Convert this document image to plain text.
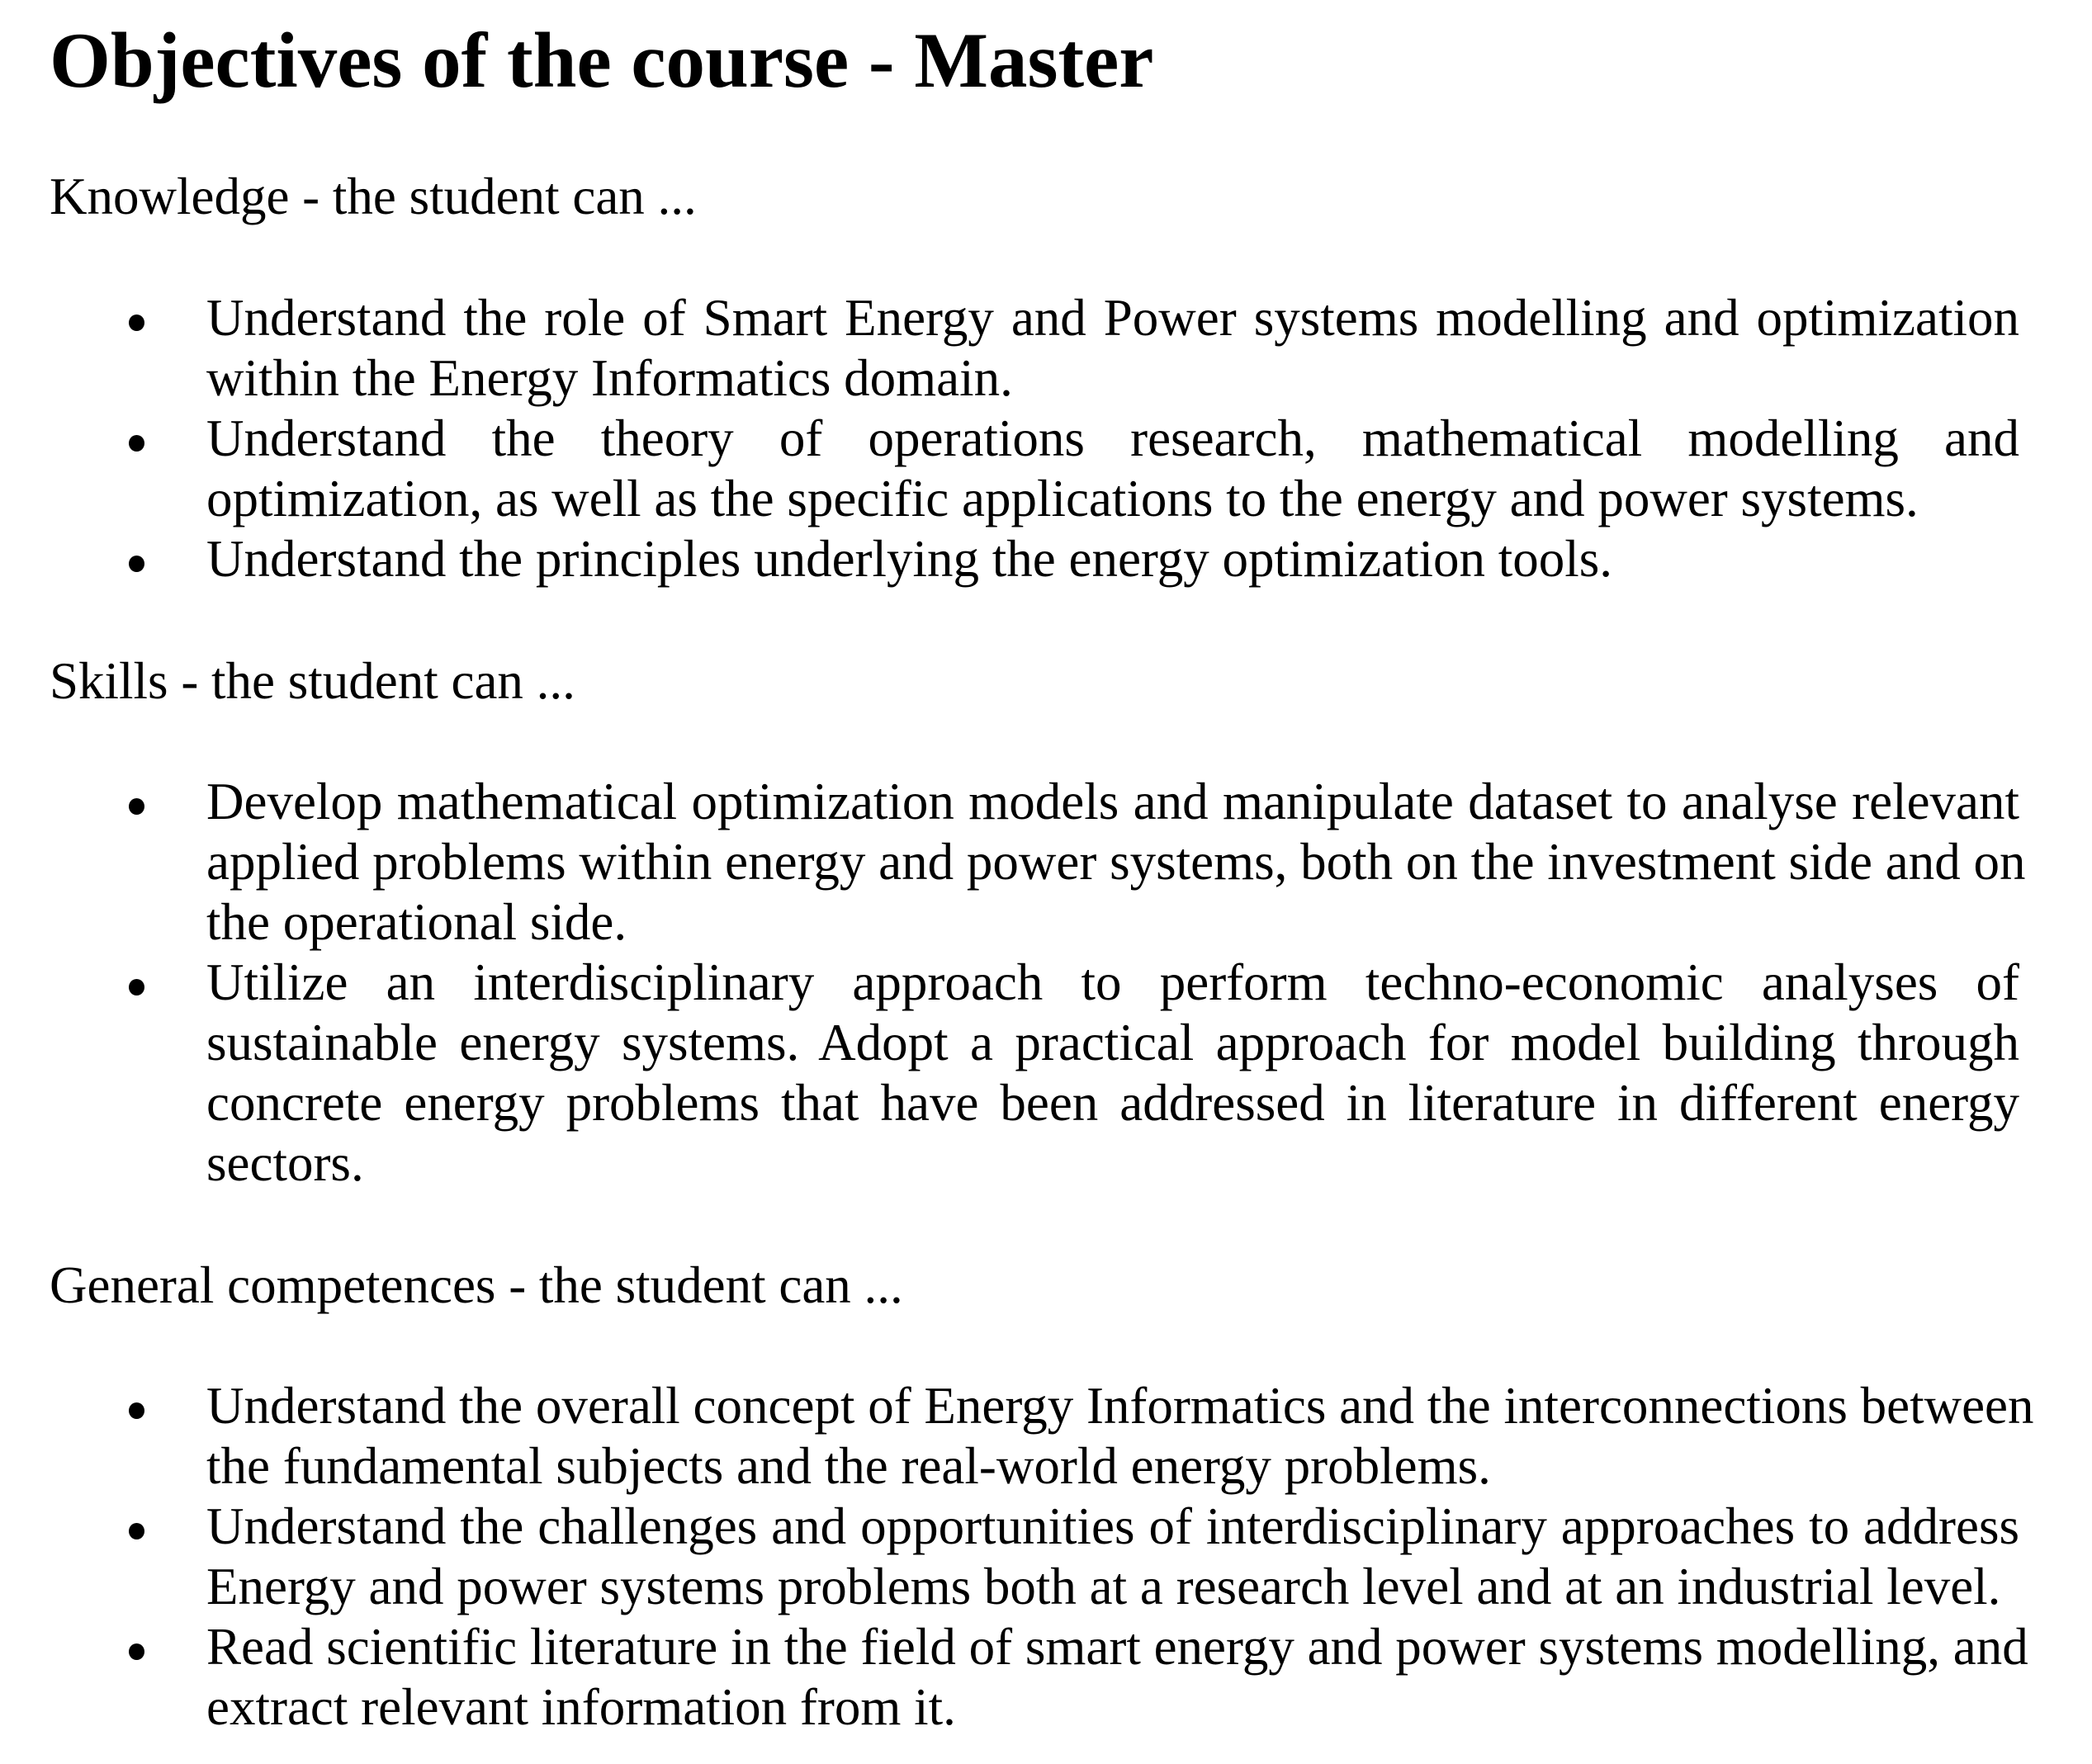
Objectives of the course - Master

Knowledge - the student can ...

Understand the role of Smart Energy and Power systems modelling and optimization
within the Energy Informatics domain.
Understand the theory of operations research, mathematical modelling and
optimization, as well as the specific applications to the energy and power systems.
Understand the principles underlying the energy optimization tools.

Skills - the student can ...

Develop mathematical optimization models and manipulate dataset to analyse relevant
applied problems within energy and power systems, both on the investment side and on
the operational side.
Utilize an interdisciplinary approach to perform techno-economic analyses of
sustainable energy systems. Adopt a practical approach for model building through
concrete energy problems that have been addressed in literature in different energy
sectors.

General competences - the student can ...

Understand the overall concept of Energy Informatics and the interconnections between
the fundamental subjects and the real-world energy problems.
Understand the challenges and opportunities of interdisciplinary approaches to address
Energy and power systems problems both at a research level and at an industrial level.
Read scientific literature in the field of smart energy and power systems modelling, and
extract relevant information from it.
